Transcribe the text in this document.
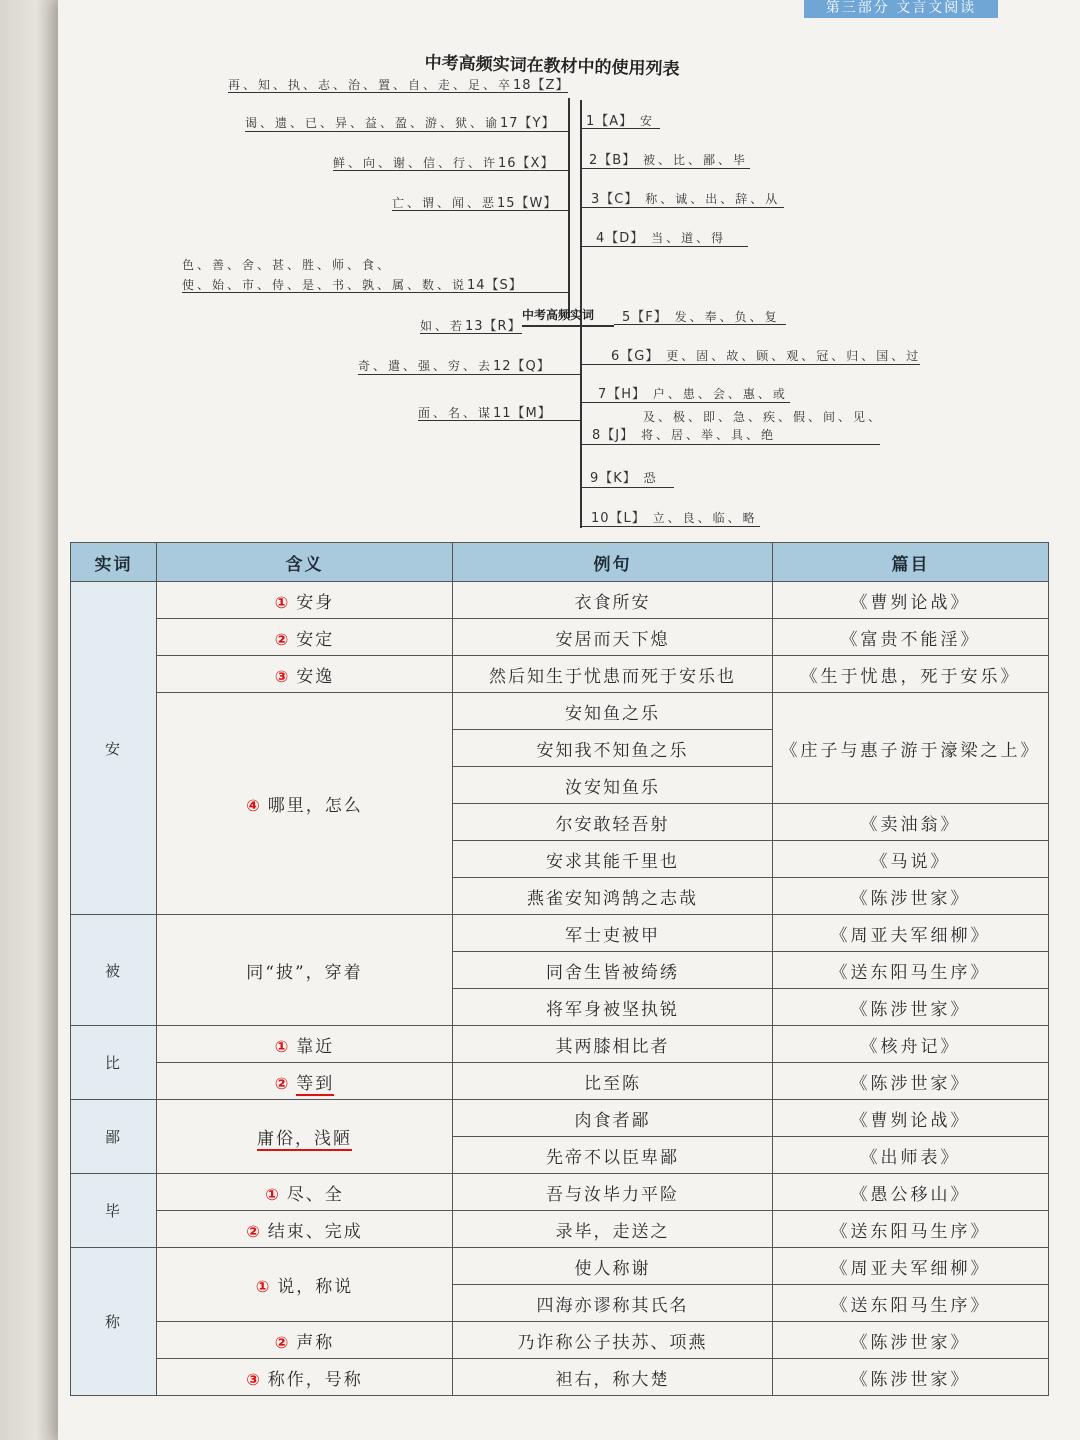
第三部分 文言文阅读
中考高频实词在教材中的使用列表
中考高频实词
再、知、执、志、治、置、自、走、足、卒18【Z】
谒、遗、已、异、益、盈、游、狱、谕17【Y】
鲜、向、谢、信、行、许16【X】
亡、谓、闻、恶15【W】
色、善、舍、甚、胜、师、食、
使、始、市、侍、是、书、孰、属、数、说14【S】
如、若13【R】
奇、遣、强、穷、去12【Q】
面、名、谋11【M】
1【A】 安
2【B】 被、比、鄙、毕
3【C】 称、诚、出、辞、从
4【D】 当、道、得
5【F】 发、奉、负、复
6【G】 更、固、故、顾、观、冠、归、国、过
7【H】 户、患、会、惠、或
及、极、即、急、疾、假、间、见、
8【J】 将、居、举、具、绝
9【K】 恐
10【L】 立、良、临、略
实词	含义	例句	篇目
安	① 安身	衣食所安	《曹刿论战》
	② 安定	安居而天下熄	《富贵不能淫》
	③ 安逸	然后知生于忧患而死于安乐也	《生于忧患，死于安乐》
	④ 哪里，怎么	安知鱼之乐	《庄子与惠子游于濠梁之上》
		安知我不知鱼之乐	
		汝安知鱼乐	
		尔安敢轻吾射	《卖油翁》
		安求其能千里也	《马说》
		燕雀安知鸿鹄之志哉	《陈涉世家》
被	同“披”，穿着	军士吏被甲	《周亚夫军细柳》
		同舍生皆被绮绣	《送东阳马生序》
		将军身被坚执锐	《陈涉世家》
比	① 靠近	其两膝相比者	《核舟记》
	② 等到	比至陈	《陈涉世家》
鄙	庸俗，浅陋	肉食者鄙	《曹刿论战》
		先帝不以臣卑鄙	《出师表》
毕	① 尽、全	吾与汝毕力平险	《愚公移山》
	② 结束、完成	录毕，走送之	《送东阳马生序》
称	① 说，称说	使人称谢	《周亚夫军细柳》
		四海亦谬称其氏名	《送东阳马生序》
	② 声称	乃诈称公子扶苏、项燕	《陈涉世家》
	③ 称作，号称	袒右，称大楚	《陈涉世家》
